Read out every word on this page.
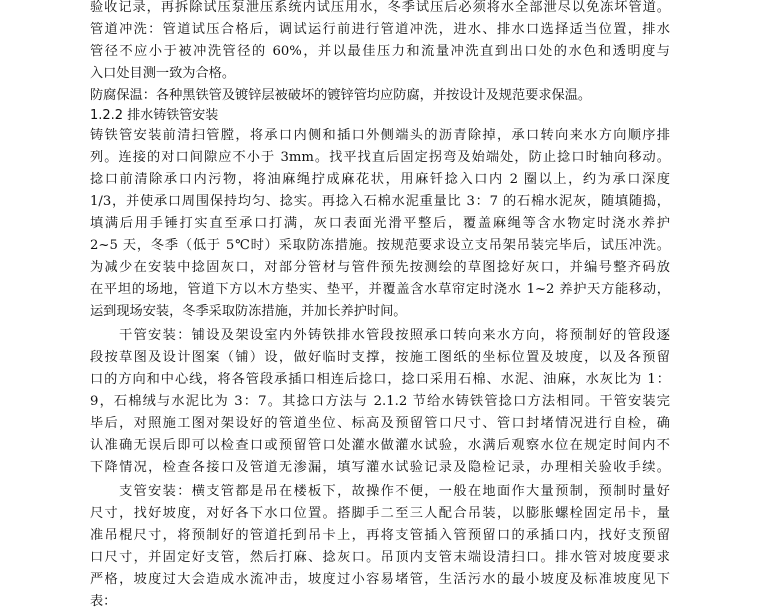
验收记录，再拆除试压泵泄压系统内试压用水，冬季试压后必须将水全部泄尽以免冻坏管道。
管道冲洗：管道试压合格后，调试运行前进行管道冲洗，进水、排水口选择适当位置，排水
管径不应小于被冲洗管径的 60%，并以最佳压力和流量冲洗直到出口处的水色和透明度与
入口处目测一致为合格。
防腐保温：各种黑铁管及镀锌层被破坏的镀锌管均应防腐，并按设计及规范要求保温。
1.2.2 排水铸铁管安装
铸铁管安装前清扫管膛，将承口内侧和插口外侧端头的沥青除掉，承口转向来水方向顺序排
列。连接的对口间隙应不小于 3mm。找平找直后固定拐弯及始端处，防止捻口时轴向移动。
捻口前清除承口内污物，将油麻绳拧成麻花状，用麻钎捻入口内 2 圈以上，约为承口深度
1/3，并使承口周围保持均匀、捻实。再捻入石棉水泥重量比 3：7 的石棉水泥灰，随填随捣，
填满后用手锤打实直至承口打满，灰口表面光滑平整后，覆盖麻绳等含水物定时浇水养护
2~5 天，冬季（低于 5℃时）采取防冻措施。按规范要求设立支吊架吊装完毕后，试压冲洗。
为减少在安装中捻固灰口，对部分管材与管件预先按测绘的草图捻好灰口，并编号整齐码放
在平坦的场地，管道下方以木方垫实、垫平，并覆盖含水草帘定时浇水 1~2 养护天方能移动，
运到现场安装，冬季采取防冻措施，并加长养护时间。
　　干管安装：铺设及架设室内外铸铁排水管段按照承口转向来水方向，将预制好的管段逐
段按草图及设计图案（铺）设，做好临时支撑，按施工图纸的坐标位置及坡度，以及各预留
口的方向和中心线，将各管段承插口相连后捻口，捻口采用石棉、水泥、油麻，水灰比为 1：
9，石棉绒与水泥比为 3：7。其捻口方法与 2.1.2 节给水铸铁管捻口方法相同。干管安装完
毕后，对照施工图对架设好的管道坐位、标高及预留管口尺寸、管口封堵情况进行自检，确
认准确无误后即可以检查口或预留管口处灌水做灌水试验，水满后观察水位在规定时间内不
下降情况，检查各接口及管道无渗漏，填写灌水试验记录及隐检记录，办理相关验收手续。
　　支管安装：横支管都是吊在楼板下，故操作不便，一般在地面作大量预制，预制时量好
尺寸，找好坡度，对好各下水口位置。搭脚手二至三人配合吊装，以膨胀螺栓固定吊卡，量
准吊棍尺寸，将预制好的管道托到吊卡上，再将支管插入管预留口的承插口内，找好支预留
口尺寸，并固定好支管，然后打麻、捻灰口。吊顶内支管末端设清扫口。排水管对坡度要求
严格，坡度过大会造成水流冲击，坡度过小容易堵管，生活污水的最小坡度及标准坡度见下
表：
